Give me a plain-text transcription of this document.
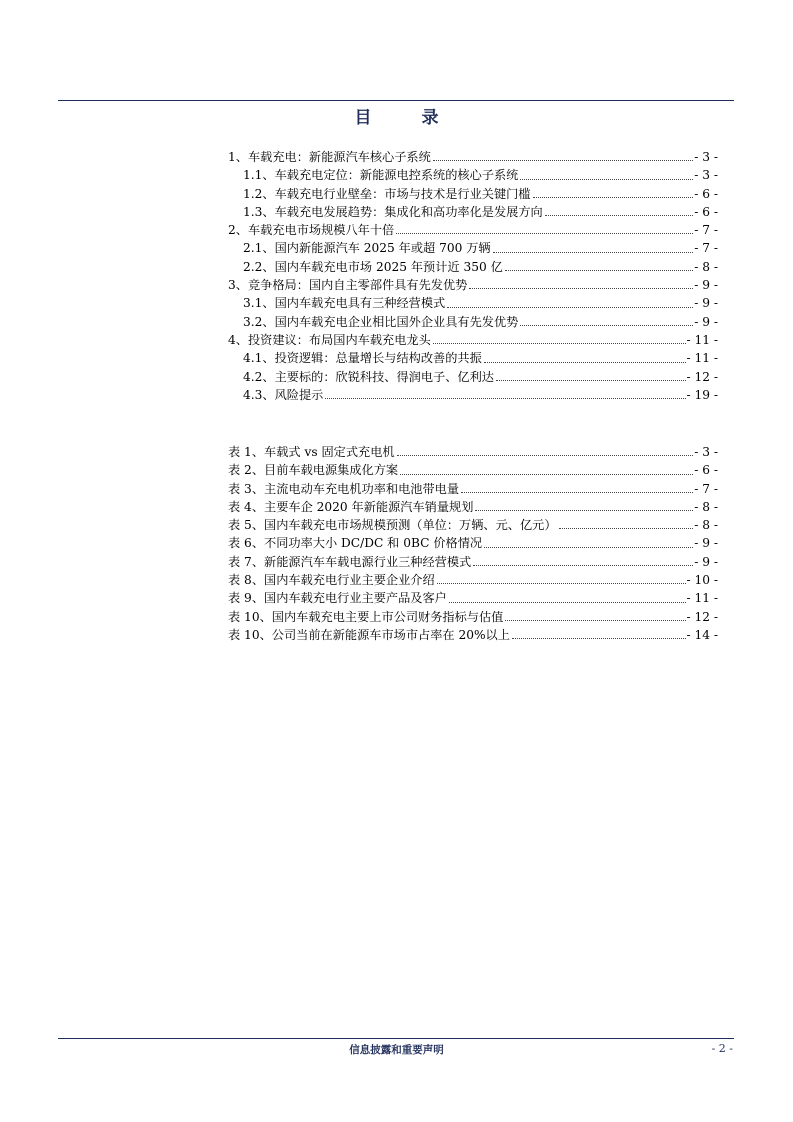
目 录
1、车载充电：新能源汽车核心子系统	- 3 -
1.1、车载充电定位：新能源电控系统的核心子系统	- 3 -
1.2、车载充电行业壁垒：市场与技术是行业关键门槛	- 6 -
1.3、车载充电发展趋势：集成化和高功率化是发展方向	- 6 -
2、车载充电市场规模八年十倍	- 7 -
2.1、国内新能源汽车 2025 年或超 700 万辆	- 7 -
2.2、国内车载充电市场 2025 年预计近 350 亿	- 8 -
3、竞争格局：国内自主零部件具有先发优势	- 9 -
3.1、国内车载充电具有三种经营模式	- 9 -
3.2、国内车载充电企业相比国外企业具有先发优势	- 9 -
4、投资建议：布局国内车载充电龙头	- 11 -
4.1、投资逻辑：总量增长与结构改善的共振	- 11 -
4.2、主要标的：欣锐科技、得润电子、亿利达	- 12 -
4.3、风险提示	- 19 -
表 1、车载式 vs 固定式充电机	- 3 -
表 2、目前车载电源集成化方案	- 6 -
表 3、主流电动车充电机功率和电池带电量	- 7 -
表 4、主要车企 2020 年新能源汽车销量规划	- 8 -
表 5、国内车载充电市场规模预测（单位：万辆、元、亿元）	- 8 -
表 6、不同功率大小 DC/DC 和 0BC 价格情况	- 9 -
表 7、新能源汽车车载电源行业三种经营模式	- 9 -
表 8、国内车载充电行业主要企业介绍	- 10 -
表 9、国内车载充电行业主要产品及客户	- 11 -
表 10、国内车载充电主要上市公司财务指标与估值	- 12 -
表 10、公司当前在新能源车市场市占率在 20%以上	- 14 -
信息披露和重要声明	- 2 -
